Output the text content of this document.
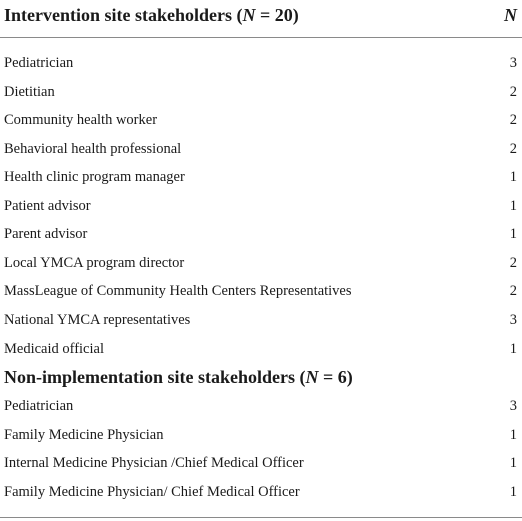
Intervention site stakeholders (N = 20)	N
Pediatrician	3
Dietitian	2
Community health worker	2
Behavioral health professional	2
Health clinic program manager	1
Patient advisor	1
Parent advisor	1
Local YMCA program director	2
MassLeague of Community Health Centers Representatives	2
National YMCA representatives	3
Medicaid official	1
Non-implementation site stakeholders (N = 6)
Pediatrician	3
Family Medicine Physician	1
Internal Medicine Physician /Chief Medical Officer	1
Family Medicine Physician/ Chief Medical Officer	1
